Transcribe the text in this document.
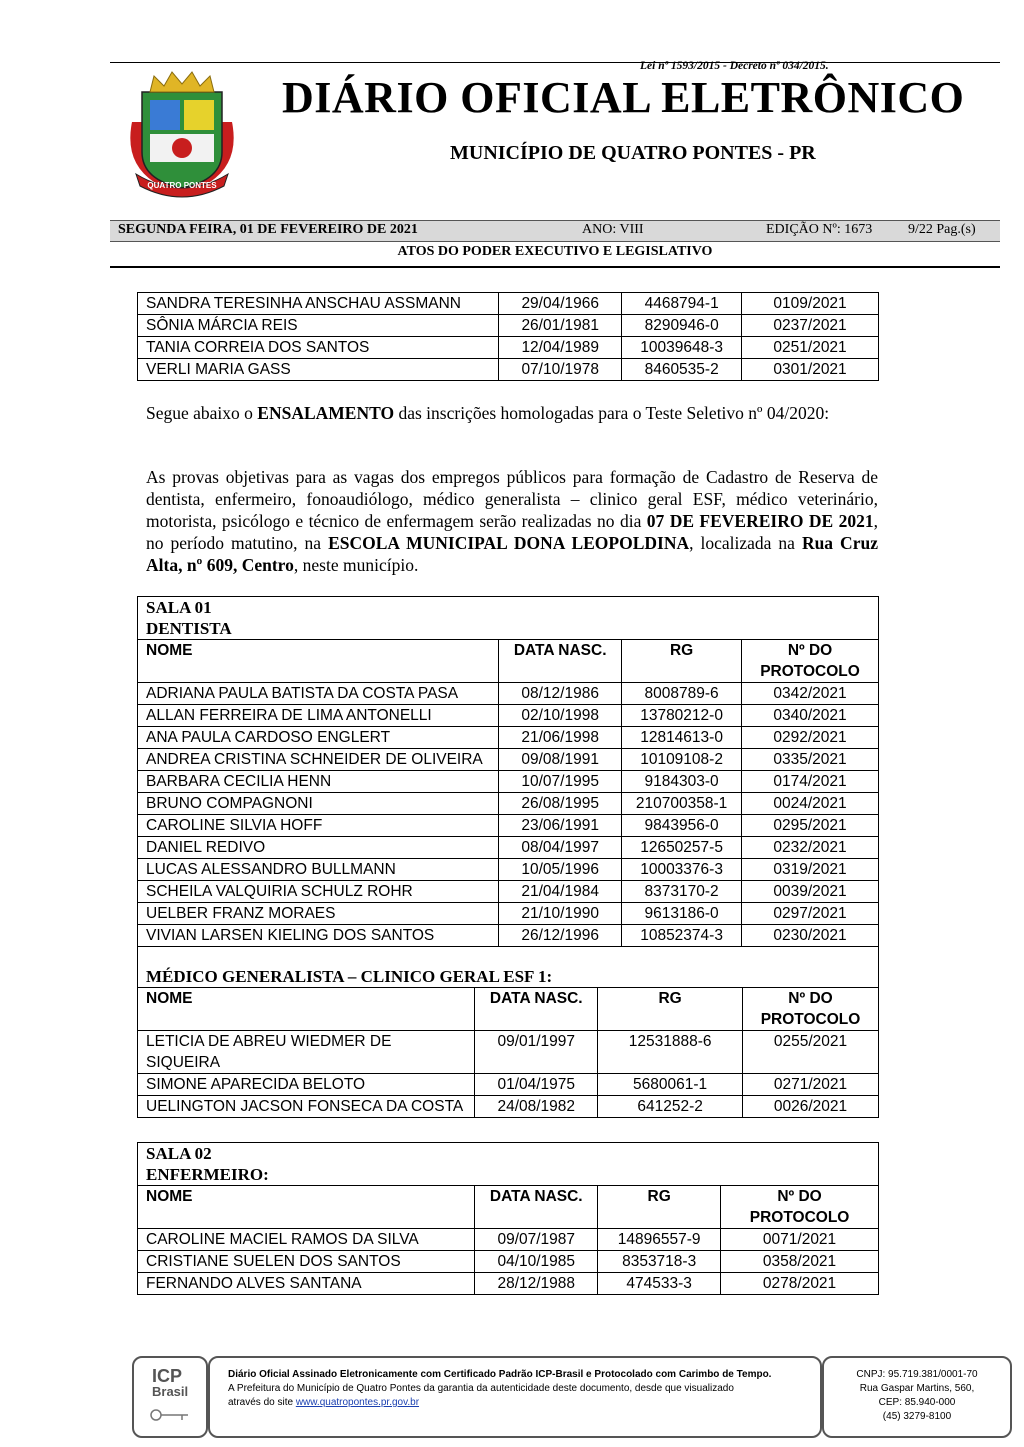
Lei nº 1593/2015 - Decreto nº 034/2015.
QUATRO PONTES
DIÁRIO OFICIAL ELETRÔNICO
MUNICÍPIO DE QUATRO PONTES - PR
SEGUNDA FEIRA, 01 DE FEVEREIRO DE 2021	ANO: VIII	EDIÇÃO Nº: 1673	9/22 Pag.(s)
ATOS DO PODER EXECUTIVO E LEGISLATIVO
SANDRA TERESINHA ANSCHAU ASSMANN	29/04/1966	4468794-1	0109/2021
SÔNIA MÁRCIA REIS	26/01/1981	8290946-0	0237/2021
TANIA CORREIA DOS SANTOS	12/04/1989	10039648-3	0251/2021
VERLI MARIA GASS	07/10/1978	8460535-2	0301/2021
Segue abaixo o ENSALAMENTO das inscrições homologadas para o Teste Seletivo nº 04/2020:
As provas objetivas para as vagas dos empregos públicos para formação de Cadastro de Reserva de dentista, enfermeiro, fonoaudiólogo, médico generalista – clinico geral ESF, médico veterinário, motorista, psicólogo e técnico de enfermagem serão realizadas no dia 07 DE FEVEREIRO DE 2021, no período matutino, na ESCOLA MUNICIPAL DONA LEOPOLDINA, localizada na Rua Cruz Alta, nº 609, Centro, neste município.
SALA 01			
DENTISTA			
NOME	DATA NASC.	RG	Nº DO PROTOCOLO
ADRIANA PAULA BATISTA DA COSTA PASA	08/12/1986	8008789-6	0342/2021
ALLAN FERREIRA DE LIMA ANTONELLI	02/10/1998	13780212-0	0340/2021
ANA PAULA CARDOSO ENGLERT	21/06/1998	12814613-0	0292/2021
ANDREA CRISTINA SCHNEIDER DE OLIVEIRA	09/08/1991	10109108-2	0335/2021
BARBARA CECILIA HENN	10/07/1995	9184303-0	0174/2021
BRUNO COMPAGNONI	26/08/1995	210700358-1	0024/2021
CAROLINE SILVIA HOFF	23/06/1991	9843956-0	0295/2021
DANIEL REDIVO	08/04/1997	12650257-5	0232/2021
LUCAS ALESSANDRO BULLMANN	10/05/1996	10003376-3	0319/2021
SCHEILA VALQUIRIA SCHULZ ROHR	21/04/1984	8373170-2	0039/2021
UELBER FRANZ MORAES	21/10/1990	9613186-0	0297/2021
VIVIAN LARSEN KIELING DOS SANTOS	26/12/1996	10852374-3	0230/2021
MÉDICO GENERALISTA – CLINICO GERAL ESF 1:			
NOME	DATA NASC.	RG	Nº DO PROTOCOLO
LETICIA DE ABREU WIEDMER DE SIQUEIRA	09/01/1997	12531888-6	0255/2021
SIMONE APARECIDA BELOTO	01/04/1975	5680061-1	0271/2021
UELINGTON JACSON FONSECA DA COSTA	24/08/1982	641252-2	0026/2021
SALA 02			
ENFERMEIRO:			
NOME	DATA NASC.	RG	Nº DO PROTOCOLO
CAROLINE MACIEL RAMOS DA SILVA	09/07/1987	14896557-9	0071/2021
CRISTIANE SUELEN DOS SANTOS	04/10/1985	8353718-3	0358/2021
FERNANDO ALVES SANTANA	28/12/1988	474533-3	0278/2021
ICP
Brasil
Diário Oficial Assinado Eletronicamente com Certificado Padrão ICP-Brasil e Protocolado com Carimbo de Tempo.
A Prefeitura do Município de Quatro Pontes da garantia da autenticidade deste documento, desde que visualizado
através do site www.quatropontes.pr.gov.br
CNPJ: 95.719.381/0001-70
Rua Gaspar Martins, 560,
CEP: 85.940-000
(45) 3279-8100
